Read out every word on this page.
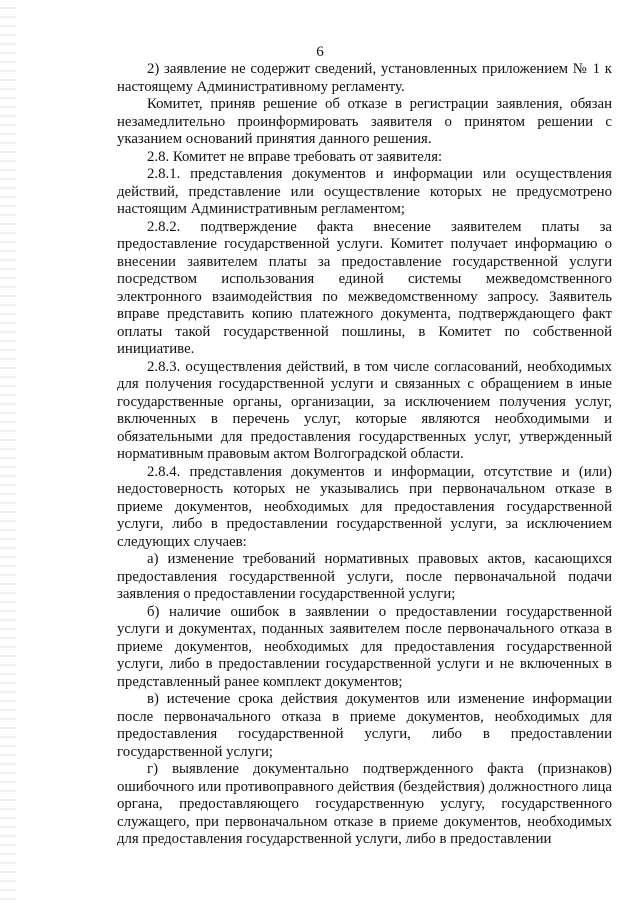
6

2) заявление не содержит сведений, установленных приложением № 1 к настоящему Административному регламенту.

Комитет, приняв решение об отказе в регистрации заявления, обязан незамедлительно проинформировать заявителя о принятом решении с указанием оснований принятия данного решения.

2.8. Комитет не вправе требовать от заявителя:

2.8.1. представления документов и информации или осуществления действий, представление или осуществление которых не предусмотрено настоящим Административным регламентом;

2.8.2. подтверждение факта внесение заявителем платы за предоставление государственной услуги. Комитет получает информацию о внесении заявителем платы за предоставление государственной услуги посредством использования единой системы межведомственного электронного взаимодействия по межведомственному запросу. Заявитель вправе представить копию платежного документа, подтверждающего факт оплаты такой государственной пошлины, в Комитет по собственной инициативе.

2.8.3. осуществления действий, в том числе согласований, необходимых для получения государственной услуги и связанных с обращением в иные государственные органы, организации, за исключением получения услуг, включенных в перечень услуг, которые являются необходимыми и обязательными для предоставления государственных услуг, утвержденный нормативным правовым актом Волгоградской области.

2.8.4. представления документов и информации, отсутствие и (или) недостоверность которых не указывались при первоначальном отказе в приеме документов, необходимых для предоставления государственной услуги, либо в предоставлении государственной услуги, за исключением следующих случаев:

а) изменение требований нормативных правовых актов, касающихся предоставления государственной услуги, после первоначальной подачи заявления о предоставлении государственной услуги;

б) наличие ошибок в заявлении о предоставлении государственной услуги и документах, поданных заявителем после первоначального отказа в приеме документов, необходимых для предоставления государственной услуги, либо в предоставлении государственной услуги и не включенных в представленный ранее комплект документов;

в) истечение срока действия документов или изменение информации после первоначального отказа в приеме документов, необходимых для предоставления государственной услуги, либо в предоставлении государственной услуги;

г) выявление документально подтвержденного факта (признаков) ошибочного или противоправного действия (бездействия) должностного лица органа, предоставляющего государственную услугу, государственного служащего, при первоначальном отказе в приеме документов, необходимых для предоставления государственной услуги, либо в предоставлении
